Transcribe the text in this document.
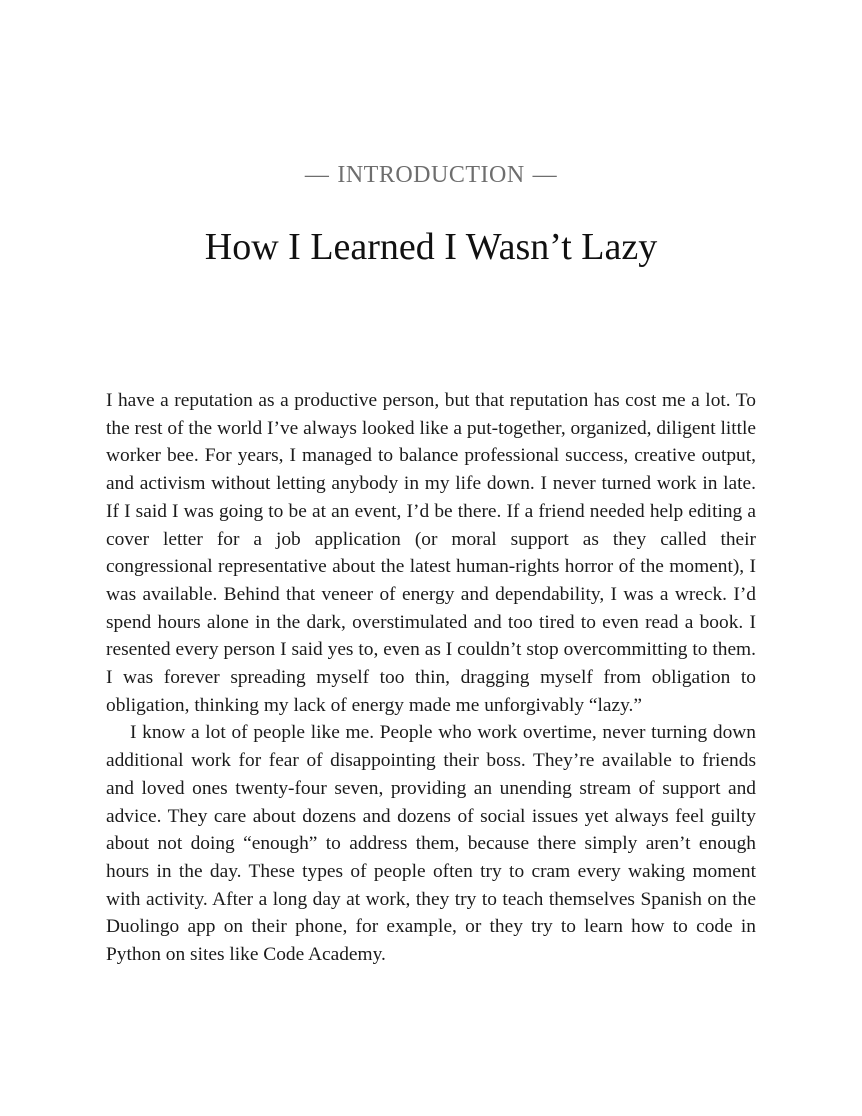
— INTRODUCTION —
How I Learned I Wasn’t Lazy

I have a reputation as a productive person, but that reputation has cost me a lot. To the rest of the world I’ve always looked like a put-together, organized, diligent little worker bee. For years, I managed to balance professional success, creative output, and activism without letting anybody in my life down. I never turned work in late. If I said I was going to be at an event, I’d be there. If a friend needed help editing a cover letter for a job application (or moral support as they called their congressional representative about the latest human-rights horror of the moment), I was available. Behind that veneer of energy and dependability, I was a wreck. I’d spend hours alone in the dark, overstimulated and too tired to even read a book. I resented every person I said yes to, even as I couldn’t stop overcommitting to them. I was forever spreading myself too thin, dragging myself from obligation to obligation, thinking my lack of energy made me unforgivably “lazy.”

I know a lot of people like me. People who work overtime, never turning down additional work for fear of disappointing their boss. They’re available to friends and loved ones twenty-four seven, providing an unending stream of support and advice. They care about dozens and dozens of social issues yet always feel guilty about not doing “enough” to address them, because there simply aren’t enough hours in the day. These types of people often try to cram every waking moment with activity. After a long day at work, they try to teach themselves Spanish on the Duolingo app on their phone, for example, or they try to learn how to code in Python on sites like Code Academy.
